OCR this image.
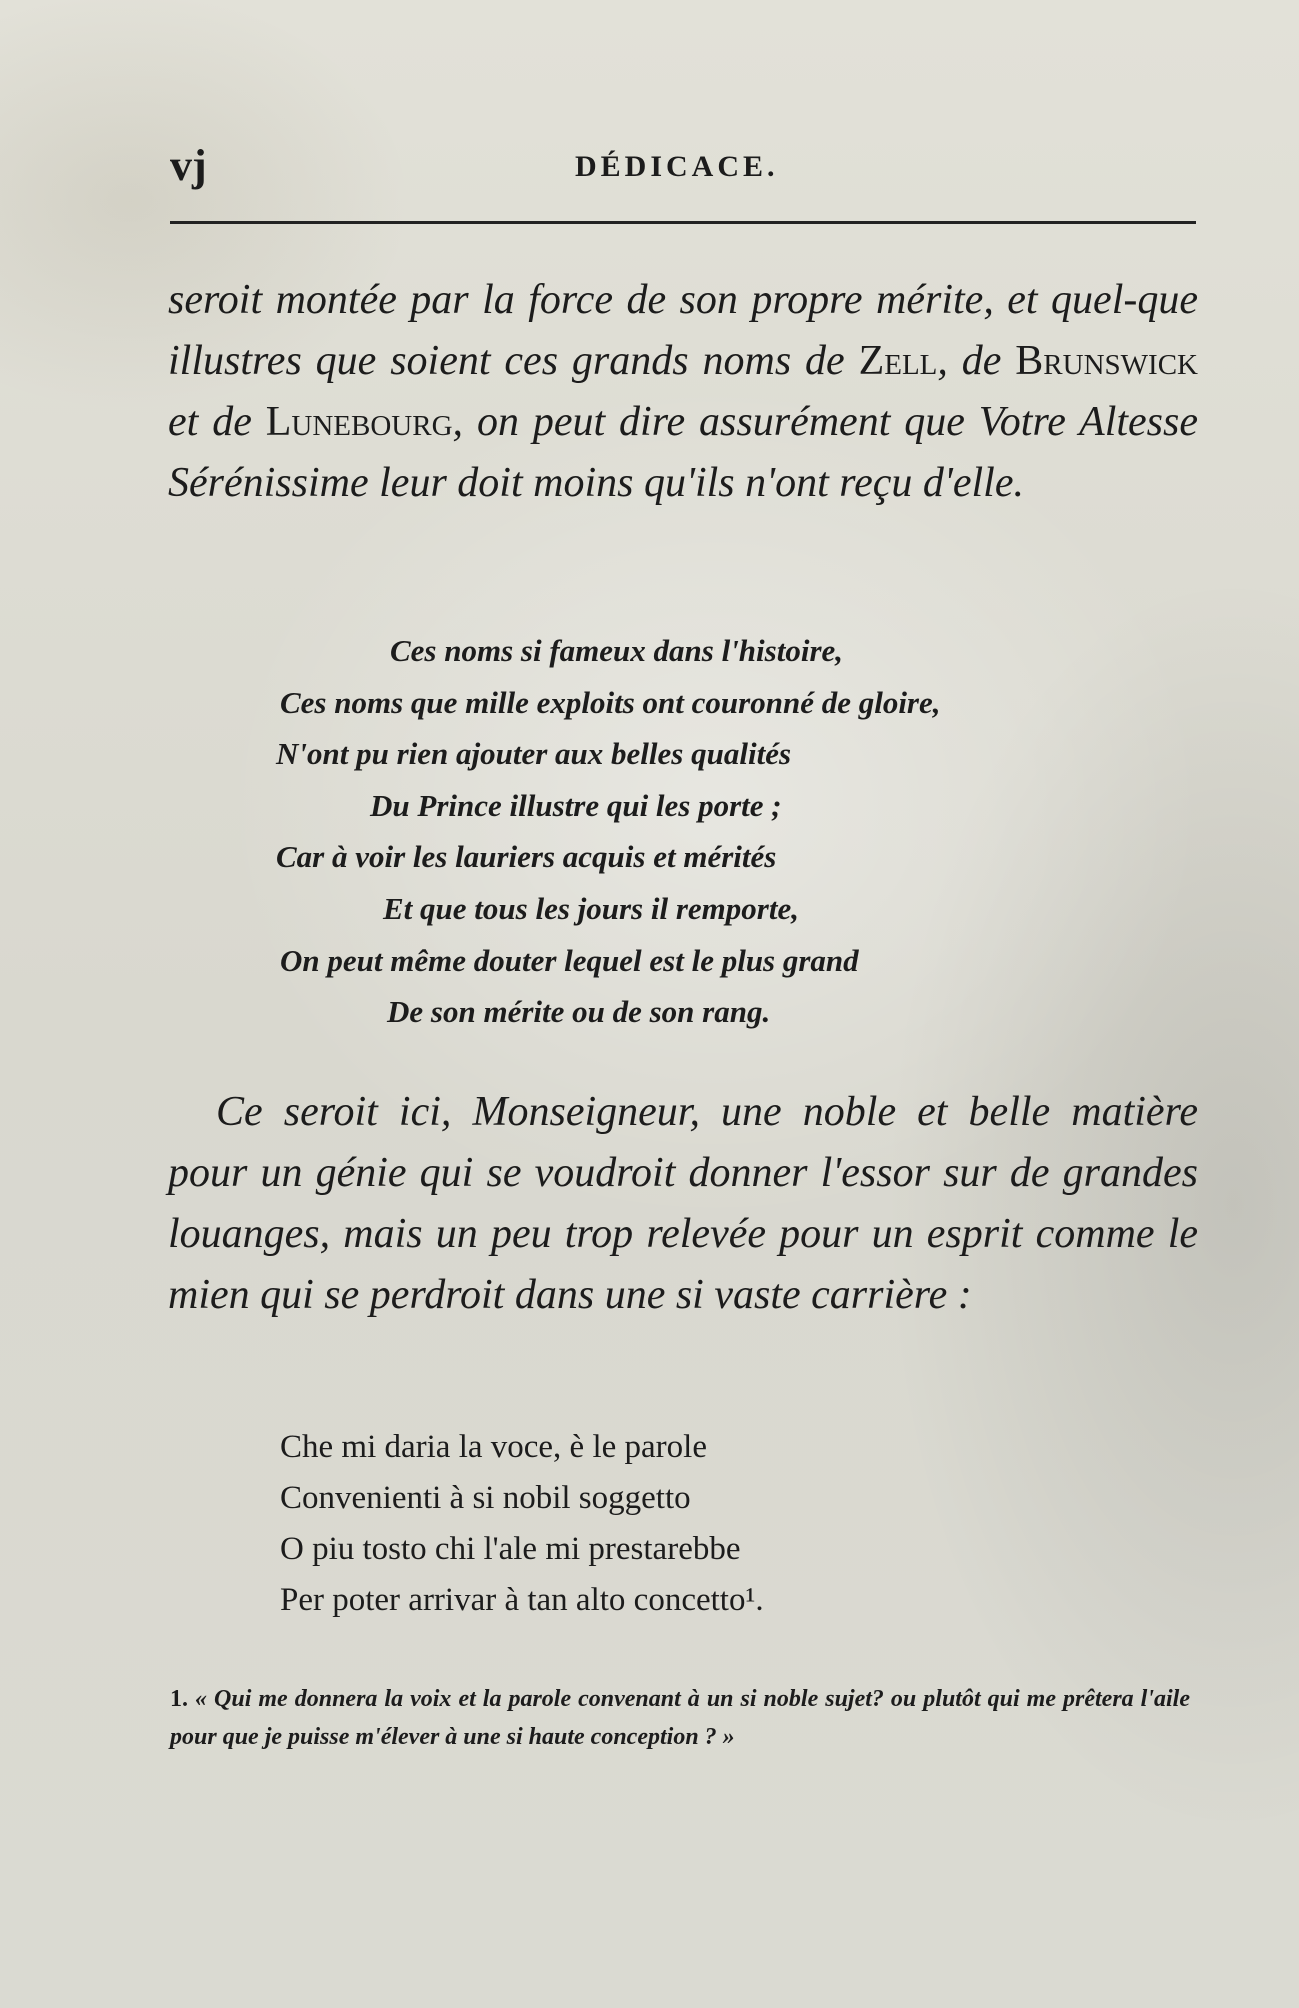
vj	DÉDICACE.

seroit montée par la force de son propre mérite, et quel-que illustres que soient ces grands noms de Zell, de Brunswick et de Lunebourg, on peut dire assurément que Votre Altesse Sérénissime leur doit moins qu'ils n'ont reçu d'elle.

Ces noms si fameux dans l'histoire,
Ces noms que mille exploits ont couronné de gloire,
N'ont pu rien ajouter aux belles qualités
Du Prince illustre qui les porte ;
Car à voir les lauriers acquis et mérités
Et que tous les jours il remporte,
On peut même douter lequel est le plus grand
De son mérite ou de son rang.

Ce seroit ici, Monseigneur, une noble et belle matière pour un génie qui se voudroit donner l'essor sur de grandes louanges, mais un peu trop relevée pour un esprit comme le mien qui se perdroit dans une si vaste carrière :

Che mi daria la voce, è le parole
Convenienti à si nobil soggetto
O piu tosto chi l'ale mi prestarebbe
Per poter arrivar à tan alto concetto¹.

1. « Qui me donnera la voix et la parole convenant à un si noble sujet? ou plutôt qui me prêtera l'aile pour que je puisse m'élever à une si haute conception ? »
